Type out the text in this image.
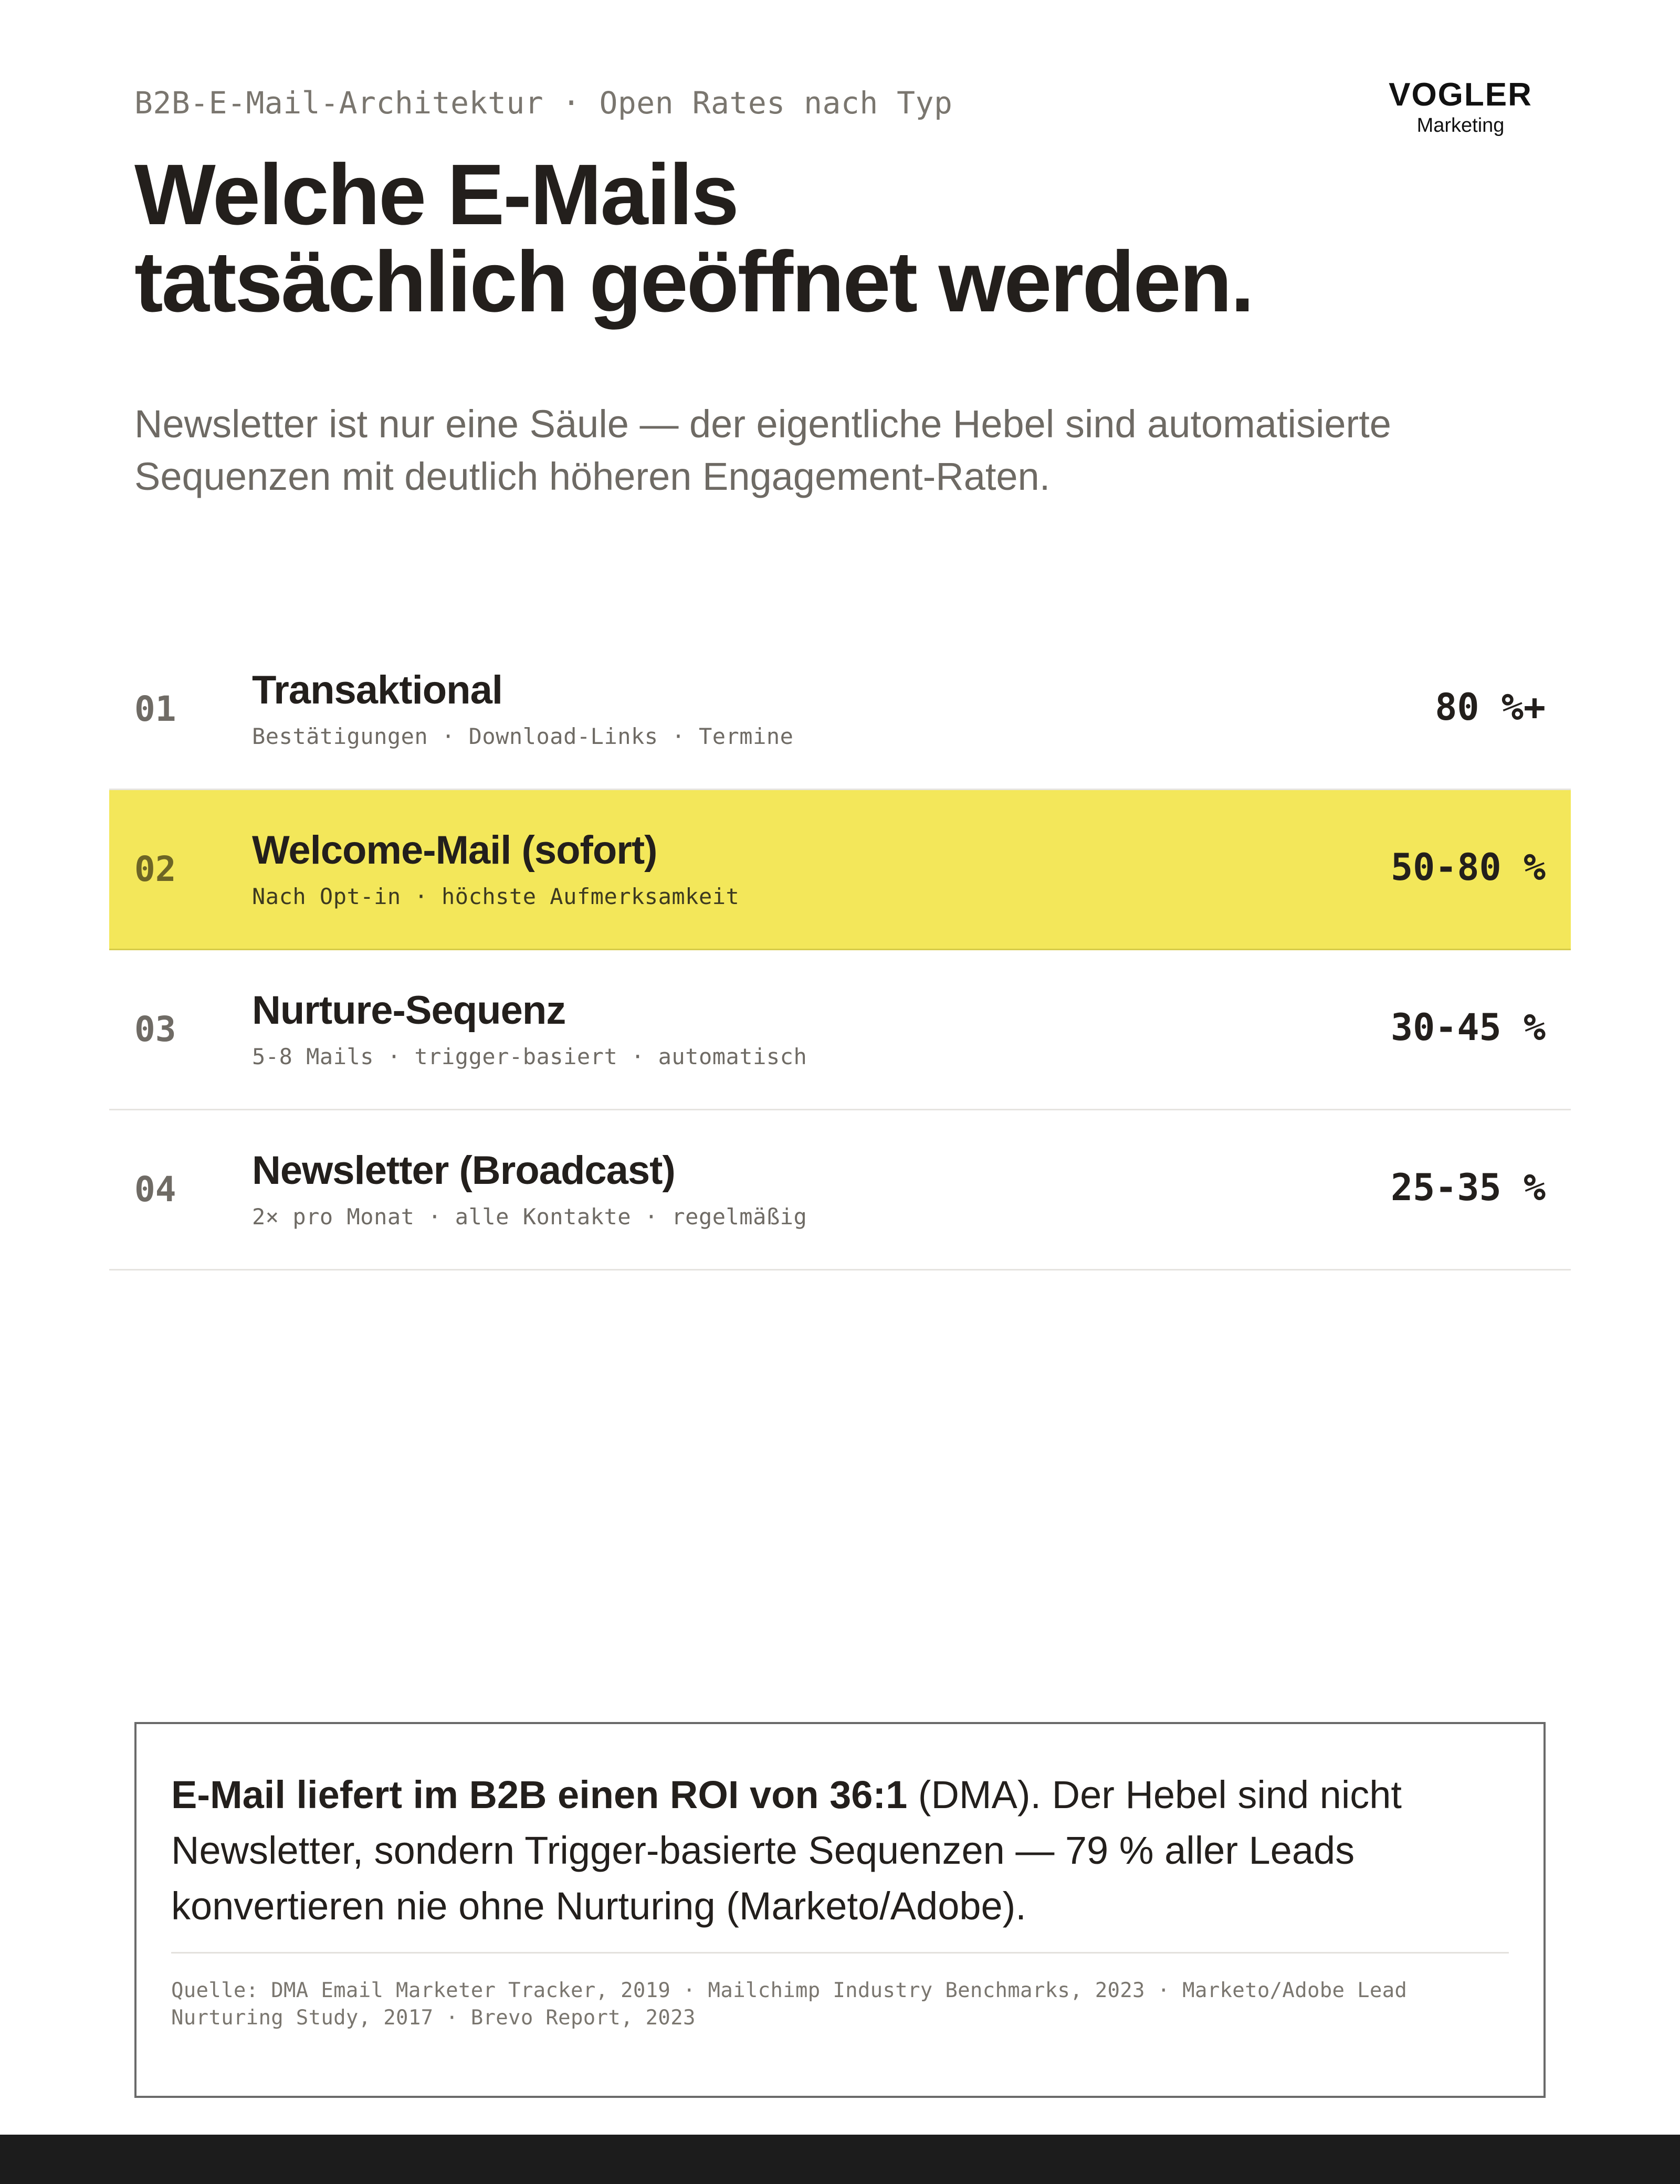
B2B-E-Mail-Architektur · Open Rates nach Typ	VOGLER
Marketing
Welche E-Mails
tatsächlich geöffnet werden.

Newsletter ist nur eine Säule — der eigentliche Hebel sind automatisierte Sequenzen mit deutlich höheren Engagement-Raten.

01 Transaktional
Bestätigungen · Download-Links · Termine
80 %+
02 Welcome-Mail (sofort)
Nach Opt-in · höchste Aufmerksamkeit
50-80 %
03 Nurture-Sequenz
5-8 Mails · trigger-basiert · automatisch
30-45 %
04 Newsletter (Broadcast)
2× pro Monat · alle Kontakte · regelmäßig
25-35 %

E-Mail liefert im B2B einen ROI von 36:1 (DMA). Der Hebel sind nicht Newsletter, sondern Trigger-basierte Sequenzen — 79 % aller Leads konvertieren nie ohne Nurturing (Marketo/Adobe).

Quelle: DMA Email Marketer Tracker, 2019 · Mailchimp Industry Benchmarks, 2023 · Marketo/Adobe Lead Nurturing Study, 2017 · Brevo Report, 2023
